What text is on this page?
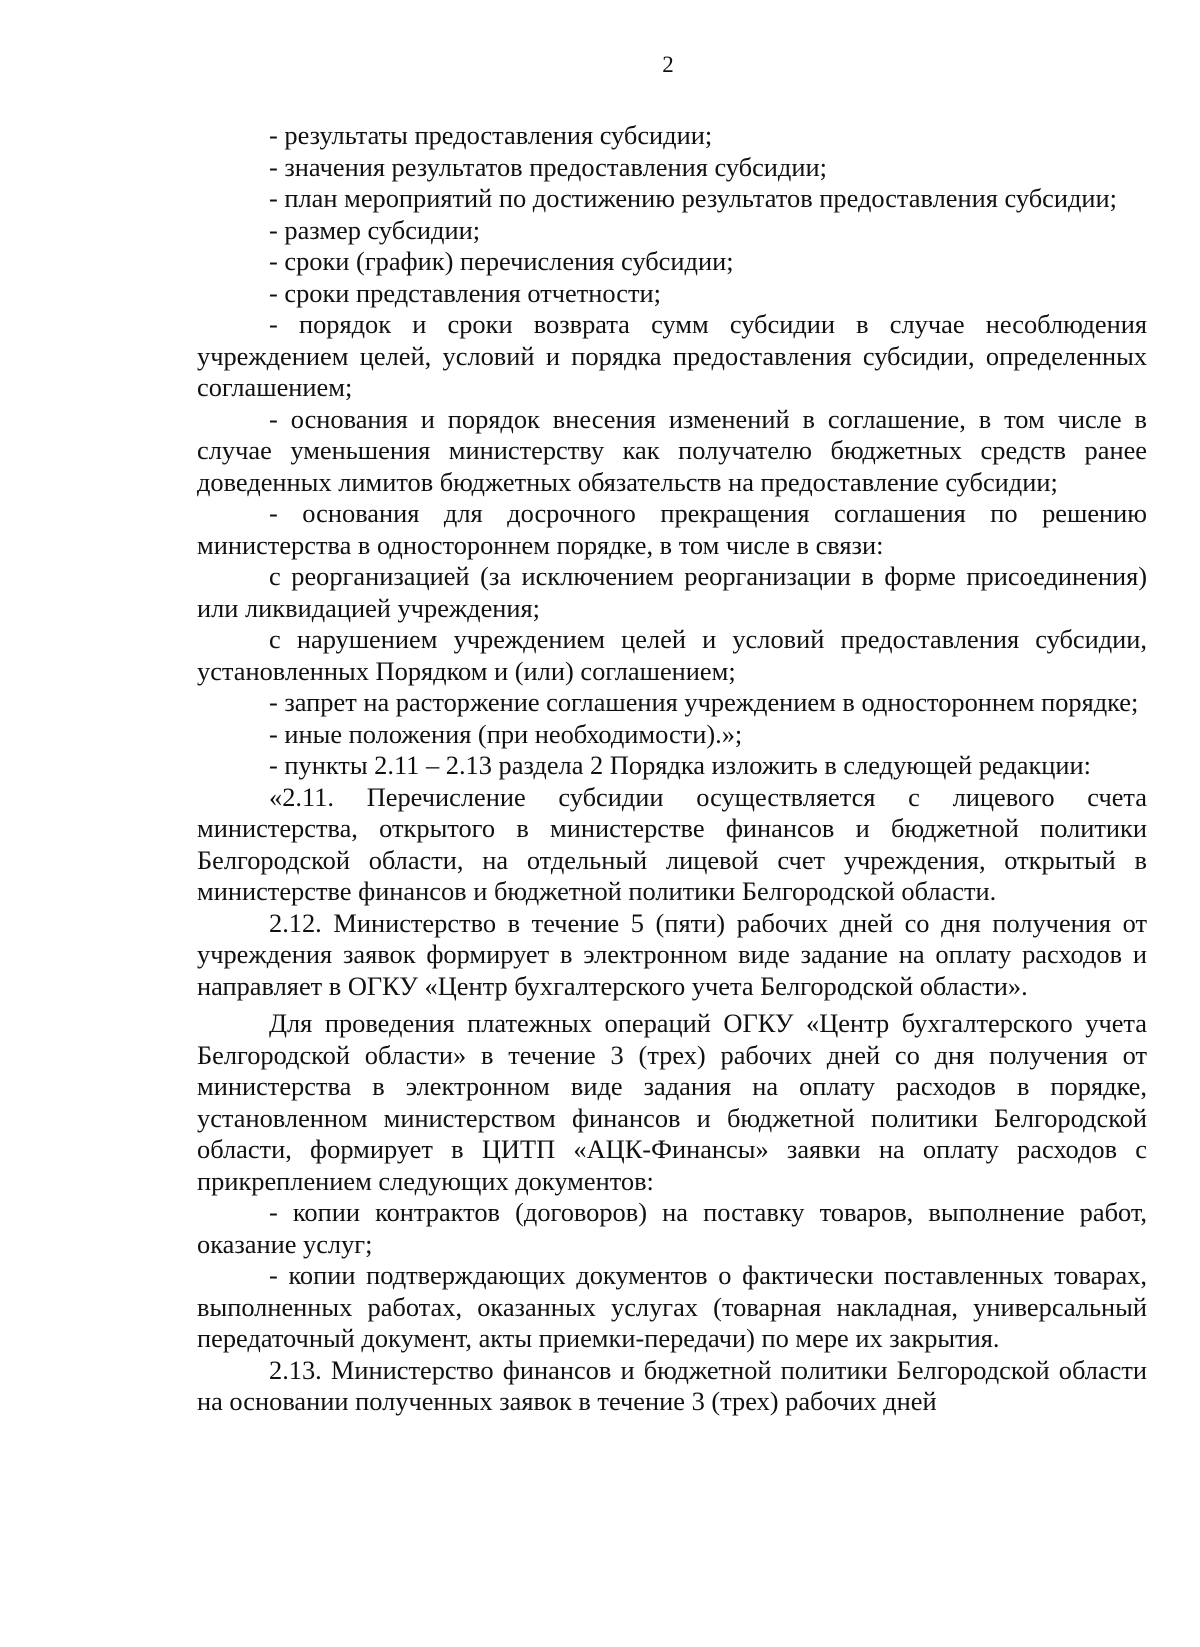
2

- результаты предоставления субсидии;

- значения результатов предоставления субсидии;

- план мероприятий по достижению результатов предоставления субсидии;

- размер субсидии;

- сроки (график) перечисления субсидии;

- сроки представления отчетности;

- порядок и сроки возврата сумм субсидии в случае несоблюдения учреждением целей, условий и порядка предоставления субсидии, определенных соглашением;

- основания и порядок внесения изменений в соглашение, в том числе в случае уменьшения министерству как получателю бюджетных средств ранее доведенных лимитов бюджетных обязательств на предоставление субсидии;

- основания для досрочного прекращения соглашения по решению министерства в одностороннем порядке, в том числе в связи:

с реорганизацией (за исключением реорганизации в форме присоединения) или ликвидацией учреждения;

с нарушением учреждением целей и условий предоставления субсидии, установленных Порядком и (или) соглашением;

- запрет на расторжение соглашения учреждением в одностороннем порядке;

- иные положения (при необходимости).»;

- пункты 2.11 – 2.13 раздела 2 Порядка изложить в следующей редакции:

«2.11. Перечисление субсидии осуществляется с лицевого счета министерства, открытого в министерстве финансов и бюджетной политики Белгородской области, на отдельный лицевой счет учреждения, открытый в министерстве финансов и бюджетной политики Белгородской области.

2.12. Министерство в течение 5 (пяти) рабочих дней со дня получения от учреждения заявок формирует в электронном виде задание на оплату расходов и направляет в ОГКУ «Центр бухгалтерского учета Белгородской области».

Для проведения платежных операций ОГКУ «Центр бухгалтерского учета Белгородской области» в течение 3 (трех) рабочих дней со дня получения от министерства в электронном виде задания на оплату расходов в порядке, установленном министерством финансов и бюджетной политики Белгородской области, формирует в ЦИТП «АЦК-Финансы» заявки на оплату расходов с прикреплением следующих документов:

- копии контрактов (договоров) на поставку товаров, выполнение работ, оказание услуг;

- копии подтверждающих документов о фактически поставленных товарах, выполненных работах, оказанных услугах (товарная накладная, универсальный передаточный документ, акты приемки-передачи) по мере их закрытия.

2.13. Министерство финансов и бюджетной политики Белгородской области на основании полученных заявок в течение 3 (трех) рабочих дней
